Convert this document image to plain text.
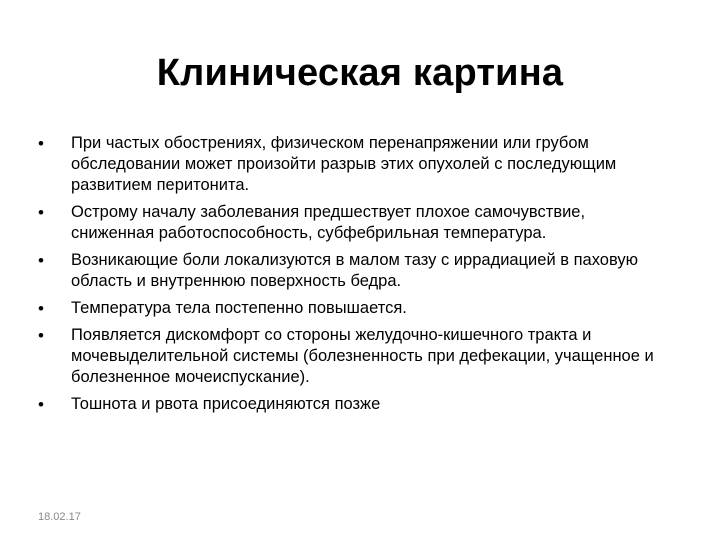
Клиническая картина
•	При частых обострениях, физическом перенапряжении или грубом обследовании может произойти разрыв этих опухолей с последующим развитием перитонита.
•	Остромy началу заболевания предшествует плохое самочувствие, сниженная работоспособность, субфебрильная температура.
•	Возникающие боли локализуются в малом тазу с иррадиацией в паховую область и внутреннюю поверхность бедра.
•	Температура тела постепенно повышается.
•	Появляется дискомфорт со стороны желудочно-кишечного тракта и мочевыделительной системы (болезненность при дефекации, учащенное и болезненное мочеиспускание).
•	Тошнота и рвота присоединяются позже
18.02.17
